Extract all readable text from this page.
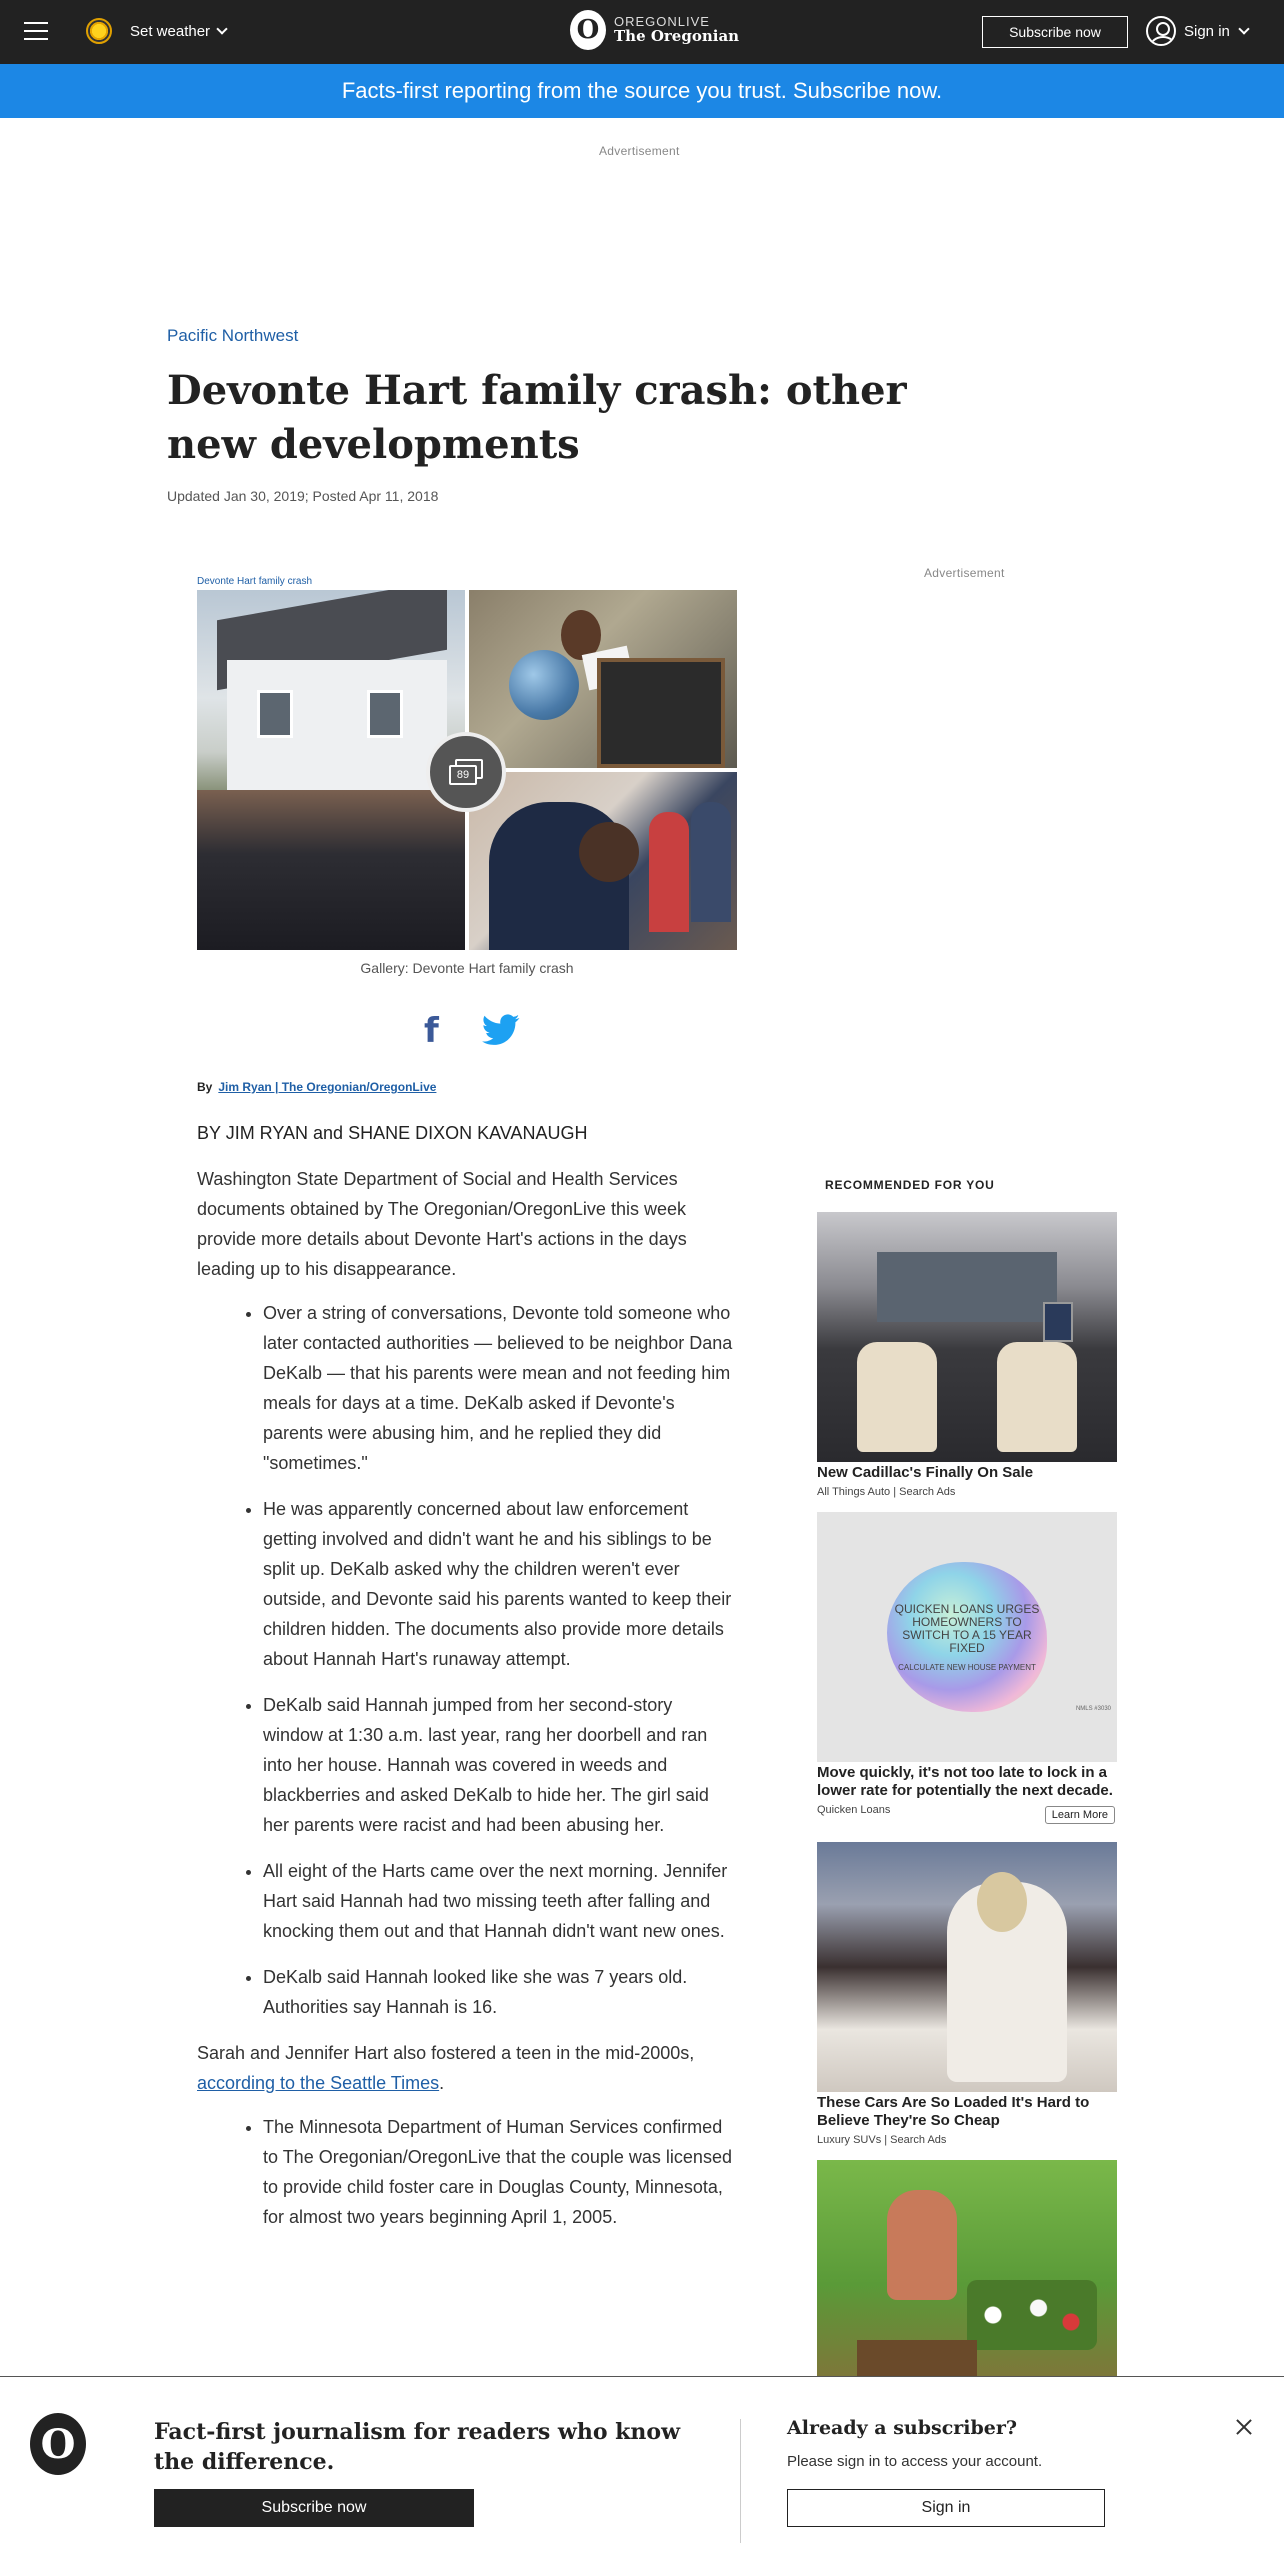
Set weather	O	OREGONLIVE
The Oregonian	Subscribe now	Sign in
Facts-first reporting from the source you trust. Subscribe now.
Advertisement
Pacific Northwest
Devonte Hart family crash: other new developments
Updated Jan 30, 2019; Posted Apr 11, 2018
Advertisement
Devonte Hart family crash
89
Gallery: Devonte Hart family crash
f
By Jim Ryan | The Oregonian/OregonLive

BY JIM RYAN and SHANE DIXON KAVANAUGH

Washington State Department of Social and Health Services documents obtained by The Oregonian/OregonLive this week provide more details about Devonte Hart's actions in the days leading up to his disappearance.

• Over a string of conversations, Devonte told someone who later contacted authorities — believed to be neighbor Dana DeKalb — that his parents were mean and not feeding him meals for days at a time. DeKalb asked if Devonte's parents were abusing him, and he replied they did "sometimes."
• He was apparently concerned about law enforcement getting involved and didn't want he and his siblings to be split up. DeKalb asked why the children weren't ever outside, and Devonte said his parents wanted to keep their children hidden. The documents also provide more details about Hannah Hart's runaway attempt.
• DeKalb said Hannah jumped from her second-story window at 1:30 a.m. last year, rang her doorbell and ran into her house. Hannah was covered in weeds and blackberries and asked DeKalb to hide her. The girl said her parents were racist and had been abusing her.
• All eight of the Harts came over the next morning. Jennifer Hart said Hannah had two missing teeth after falling and knocking them out and that Hannah didn't want new ones.
• DeKalb said Hannah looked like she was 7 years old. Authorities say Hannah is 16.

Sarah and Jennifer Hart also fostered a teen in the mid-2000s, according to the Seattle Times.

• The Minnesota Department of Human Services confirmed to The Oregonian/OregonLive that the couple was licensed to provide child foster care in Douglas County, Minnesota, for almost two years beginning April 1, 2005.
RECOMMENDED FOR YOU
New Cadillac's Finally On Sale
All Things Auto | Search Ads
QUICKEN LOANS URGES HOMEOWNERS TO SWITCH TO A 15 YEAR FIXED
CALCULATE NEW HOUSE PAYMENT
NMLS #3030
Move quickly, it's not too late to lock in a lower rate for potentially the next decade.
Quicken Loans	Learn More
These Cars Are So Loaded It's Hard to Believe They're So Cheap
Luxury SUVs | Search Ads
O	Fact-first journalism for readers who know the difference.
Subscribe now
Already a subscriber?
Please sign in to access your account.
Sign in
